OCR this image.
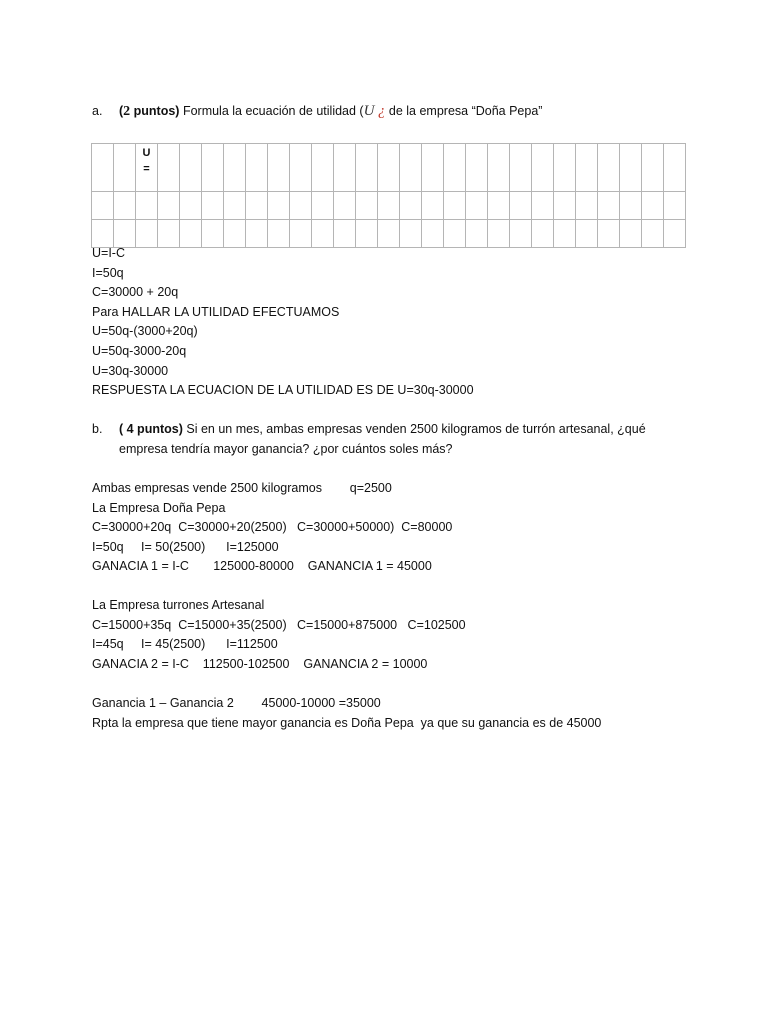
a. (2 puntos) Formula la ecuación de utilidad (U ¿ de la empresa “Doña Pepa”

		U
=																								

U=I-C
I=50q
C=30000 + 20q
Para HALLAR LA UTILIDAD EFECTUAMOS
U=50q-(3000+20q)
U=50q-3000-20q
U=30q-30000
RESPUESTA LA ECUACION DE LA UTILIDAD ES DE U=30q-30000
b. ( 4 puntos) Si en un mes, ambas empresas venden 2500 kilogramos de turrón artesanal, ¿qué
empresa tendría mayor ganancia? ¿por cuántos soles más?
Ambas empresas vende 2500 kilogramos        q=2500
La Empresa Doña Pepa
C=30000+20q  C=30000+20(2500)   C=30000+50000)  C=80000
I=50q     I= 50(2500)      I=125000
GANACIA 1 = I-C       125000-80000    GANANCIA 1 = 45000
La Empresa turrones Artesanal
C=15000+35q  C=15000+35(2500)   C=15000+875000   C=102500
I=45q     I= 45(2500)      I=112500
GANACIA 2 = I-C    112500-102500    GANANCIA 2 = 10000
Ganancia 1 – Ganancia 2        45000-10000 =35000
Rpta la empresa que tiene mayor ganancia es Doña Pepa  ya que su ganancia es de 45000
